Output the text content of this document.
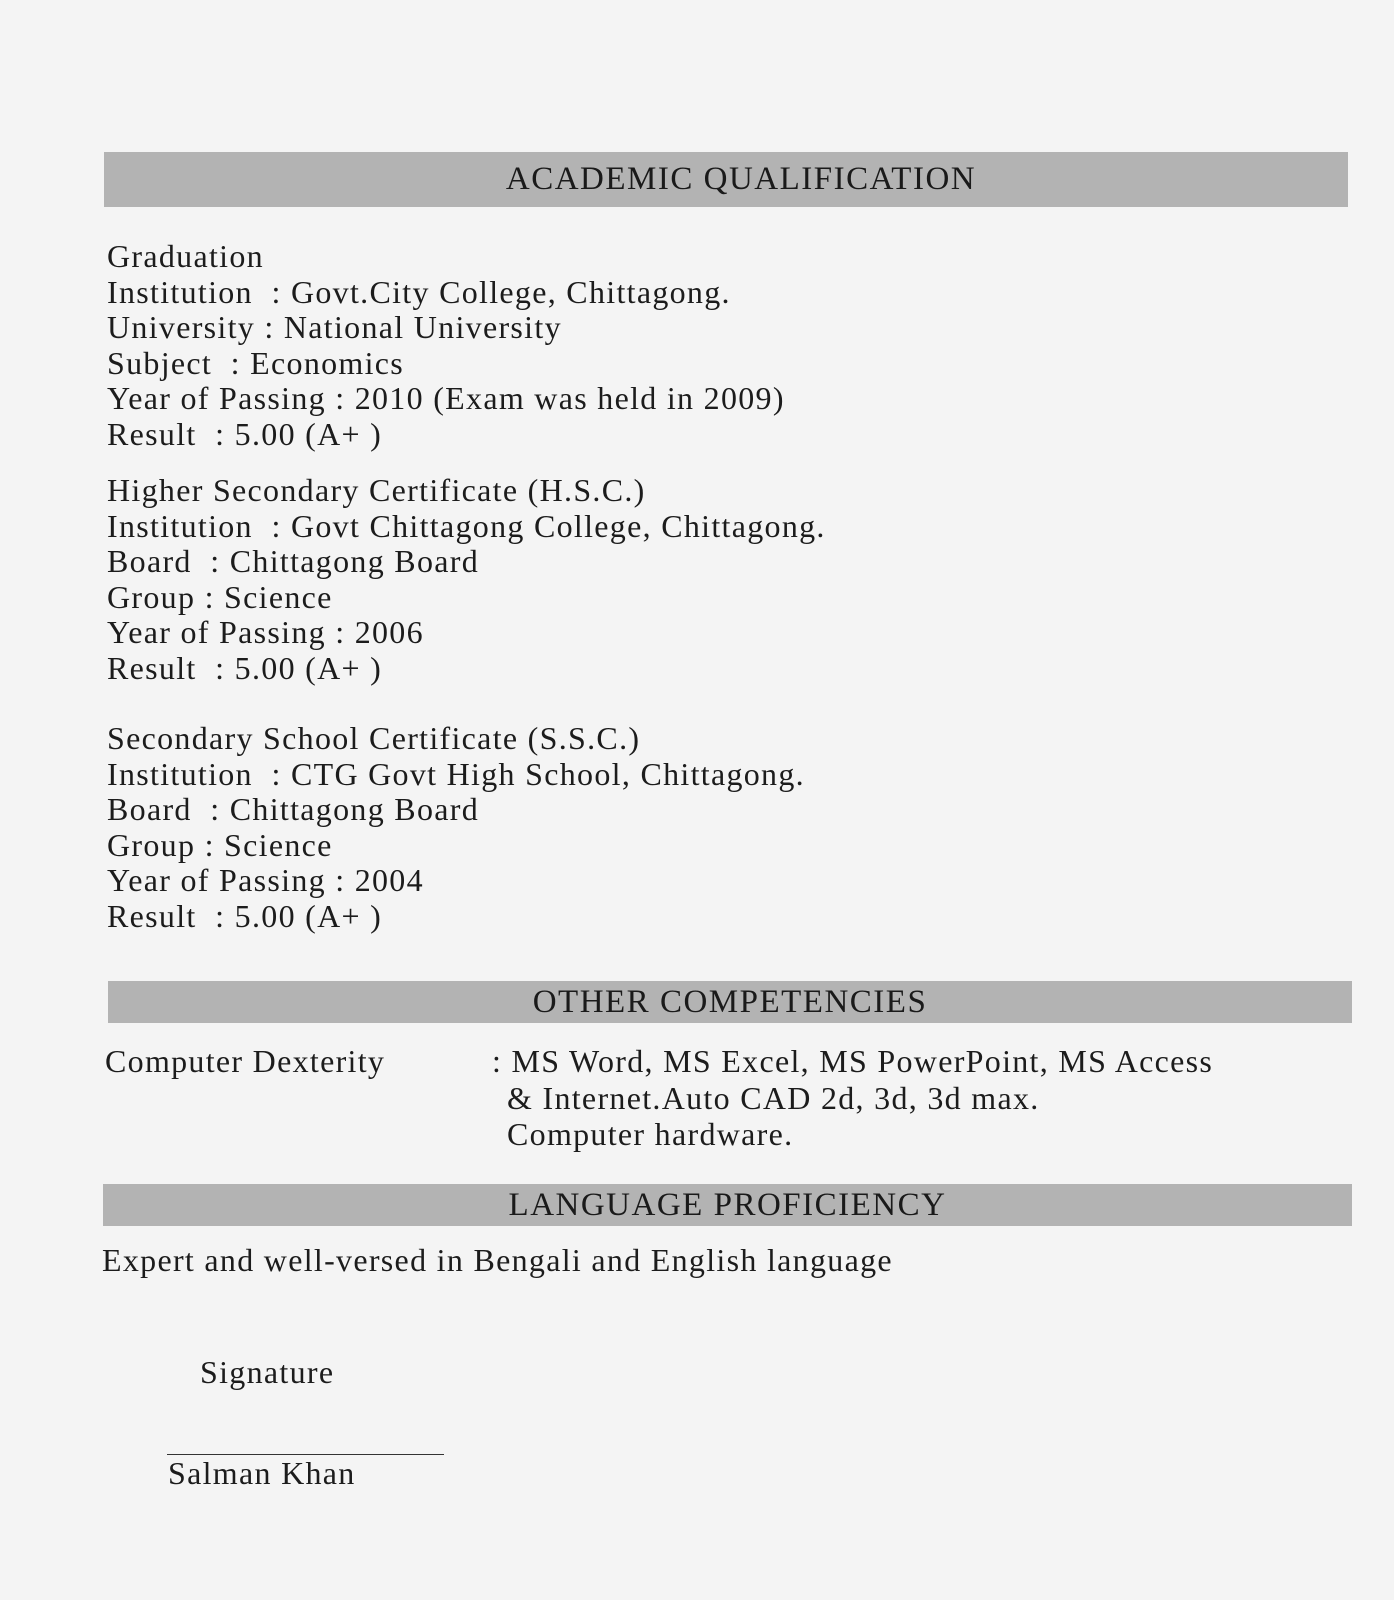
ACADEMIC QUALIFICATION
Graduation
Institution  : Govt.City College, Chittagong.
University : National University
Subject  : Economics
Year of Passing : 2010 (Exam was held in 2009)
Result  : 5.00 (A+ )
Higher Secondary Certificate (H.S.C.)
Institution  : Govt Chittagong College, Chittagong.
Board  : Chittagong Board
Group : Science
Year of Passing : 2006
Result  : 5.00 (A+ )
Secondary School Certificate (S.S.C.)
Institution  : CTG Govt High School, Chittagong.
Board  : Chittagong Board
Group : Science
Year of Passing : 2004
Result  : 5.00 (A+ )
OTHER COMPETENCIES
Computer Dexterity	: MS Word, MS Excel, MS PowerPoint, MS Access
& Internet.Auto CAD 2d, 3d, 3d max.
Computer hardware.
LANGUAGE PROFICIENCY
Expert and well-versed in Bengali and English language
Signature
Salman Khan
